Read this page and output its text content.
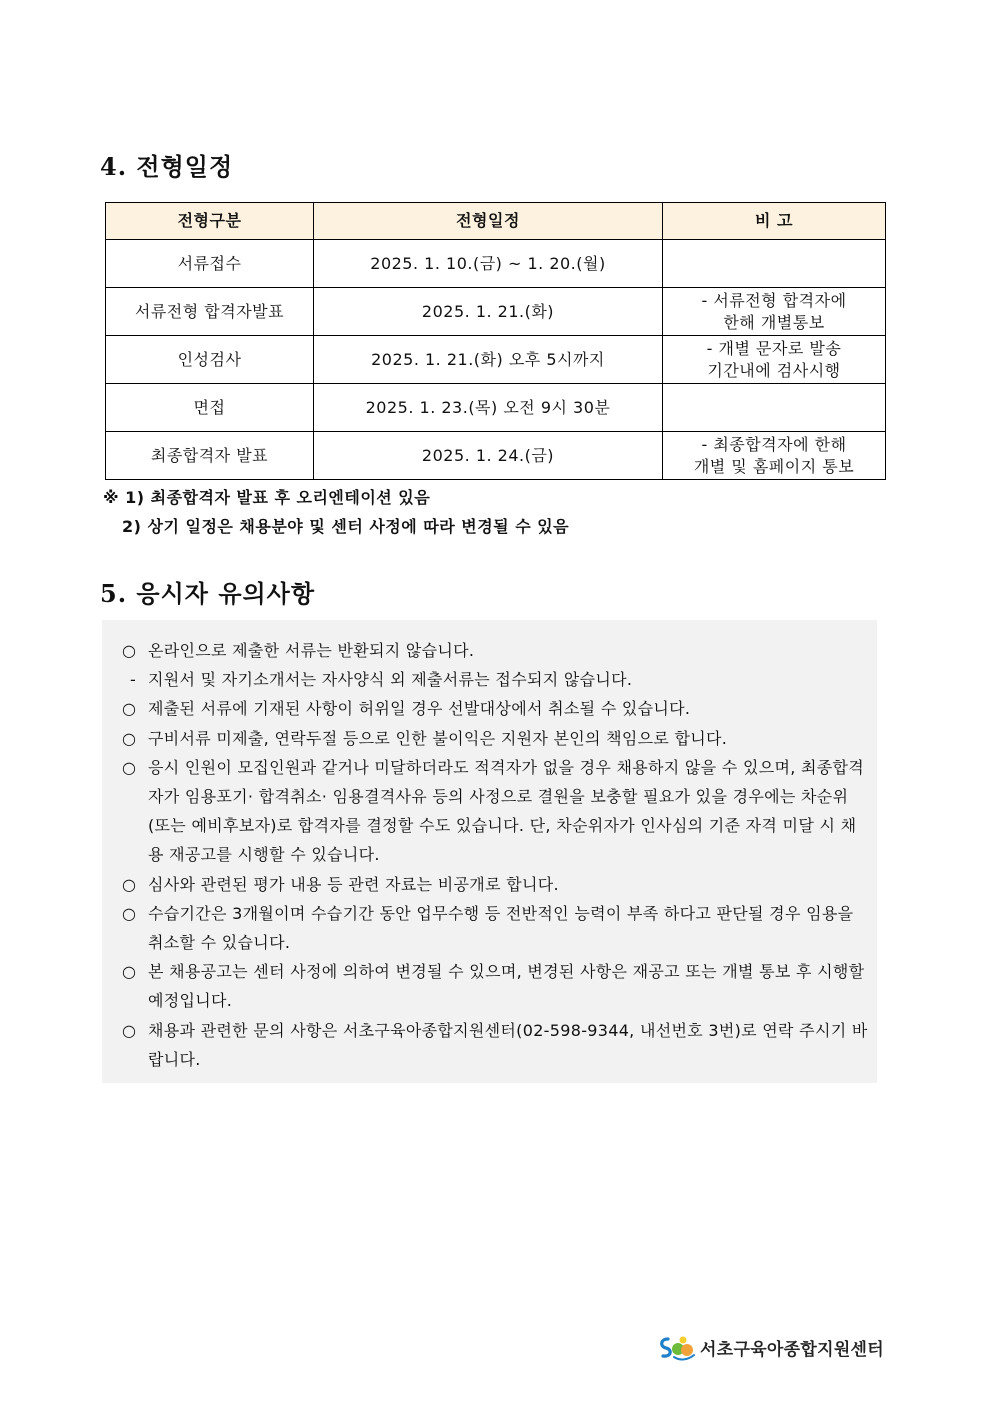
4. 전형일정
전형구분	전형일정	비 고
서류접수	2025. 1. 10.(금) ~ 1. 20.(월)	
서류전형 합격자발표	2025. 1. 21.(화)	- 서류전형 합격자에
한해 개별통보

인성검사	2025. 1. 21.(화) 오후 5시까지	- 개별 문자로 발송
기간내에 검사시행

면접	2025. 1. 23.(목) 오전 9시 30분	
최종합격자 발표	2025. 1. 24.(금)	- 최종합격자에 한해
개별 및 홈페이지 통보

※ 1) 최종합격자 발표 후 오리엔테이션 있음

2) 상기 일정은 채용분야 및 센터 사정에 따라 변경될 수 있음

5. 응시자 유의사항
○ 온라인으로 제출한 서류는 반환되지 않습니다.
- 지원서 및 자기소개서는 자사양식 외 제출서류는 접수되지 않습니다.
○ 제출된 서류에 기재된 사항이 허위일 경우 선발대상에서 취소될 수 있습니다.
○ 구비서류 미제출, 연락두절 등으로 인한 불이익은 지원자 본인의 책임으로 합니다.
○ 응시 인원이 모집인원과 같거나 미달하더라도 적격자가 없을 경우 채용하지 않을 수 있으며, 최종합격자가 임용포기· 합격취소· 임용결격사유 등의 사정으로 결원을 보충할 필요가 있을 경우에는 차순위 (또는 예비후보자)로 합격자를 결정할 수도 있습니다. 단, 차순위자가 인사심의 기준 자격 미달 시 채용 재공고를 시행할 수 있습니다.
○ 심사와 관련된 평가 내용 등 관련 자료는 비공개로 합니다.
○ 수습기간은 3개월이며 수습기간 동안 업무수행 등 전반적인 능력이 부족 하다고 판단될 경우 임용을 취소할 수 있습니다.
○ 본 채용공고는 센터 사정에 의하여 변경될 수 있으며, 변경된 사항은 재공고 또는 개별 통보 후 시행할 예정입니다.
○ 채용과 관련한 문의 사항은 서초구육아종합지원센터(02-598-9344, 내선번호 3번)로 연락 주시기 바랍니다.
서초구육아종합지원센터
